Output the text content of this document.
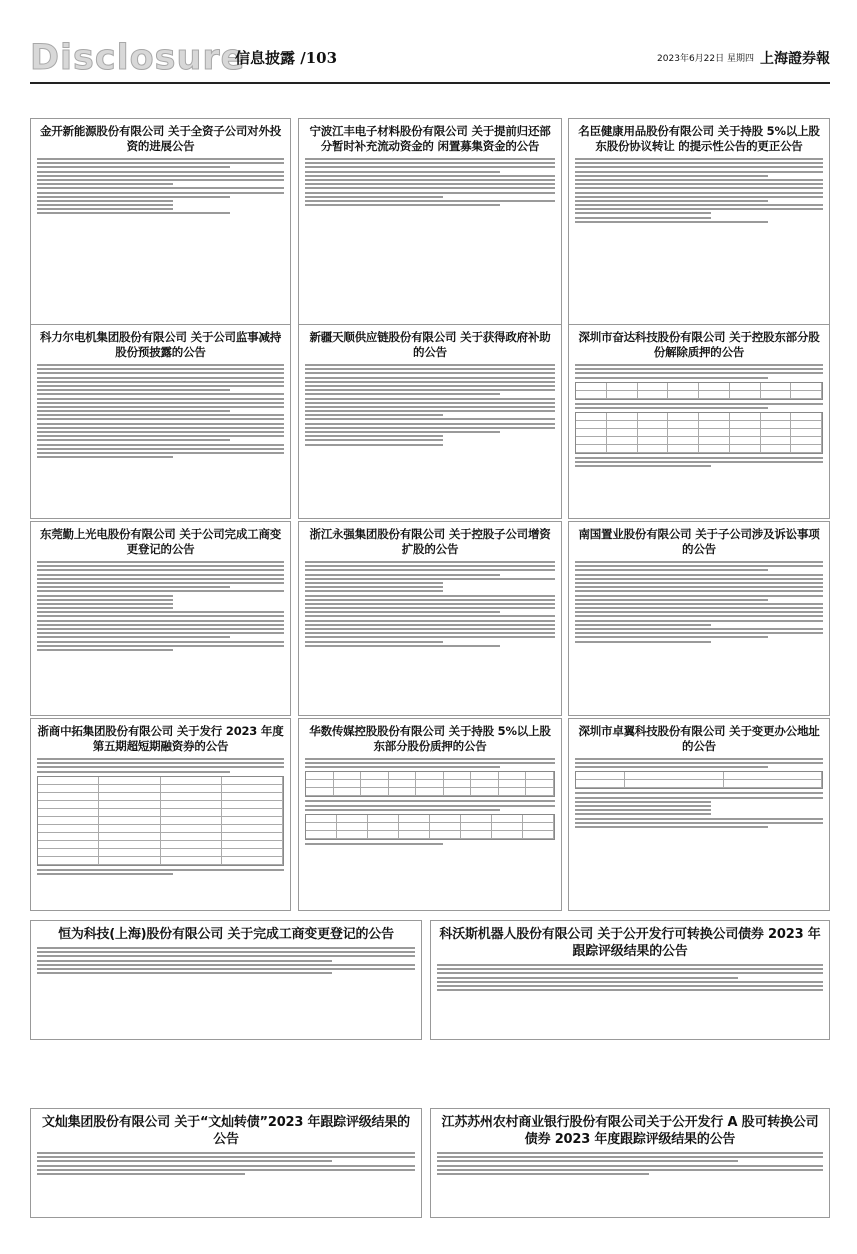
Disclosure
信息披露 /103	2023年6月22日 星期四 上海證券報
金开新能源股份有限公司 关于全资子公司对外投资的进展公告
宁波江丰电子材料股份有限公司 关于提前归还部分暂时补充流动资金的 闲置募集资金的公告
名臣健康用品股份有限公司 关于持股 5%以上股东股份协议转让 的提示性公告的更正公告
科力尔电机集团股份有限公司 关于公司监事减持股份预披露的公告
新疆天顺供应链股份有限公司 关于获得政府补助的公告
深圳市奋达科技股份有限公司 关于控股东部分股份解除质押的公告
东莞勤上光电股份有限公司 关于公司完成工商变更登记的公告
浙江永强集团股份有限公司 关于控股子公司增资扩股的公告
南国置业股份有限公司 关于子公司涉及诉讼事项的公告
浙商中拓集团股份有限公司 关于发行 2023 年度第五期超短期融资券的公告
华数传媒控股股份有限公司 关于持股 5%以上股东部分股份质押的公告
深圳市卓翼科技股份有限公司 关于变更办公地址的公告
恒为科技(上海)股份有限公司 关于完成工商变更登记的公告	科沃斯机器人股份有限公司 关于公开发行可转换公司债券 2023 年跟踪评级结果的公告
文灿集团股份有限公司 关于“文灿转债”2023 年跟踪评级结果的公告
江苏苏州农村商业银行股份有限公司关于公开发行 A 股可转换公司债券 2023 年度跟踪评级结果的公告
